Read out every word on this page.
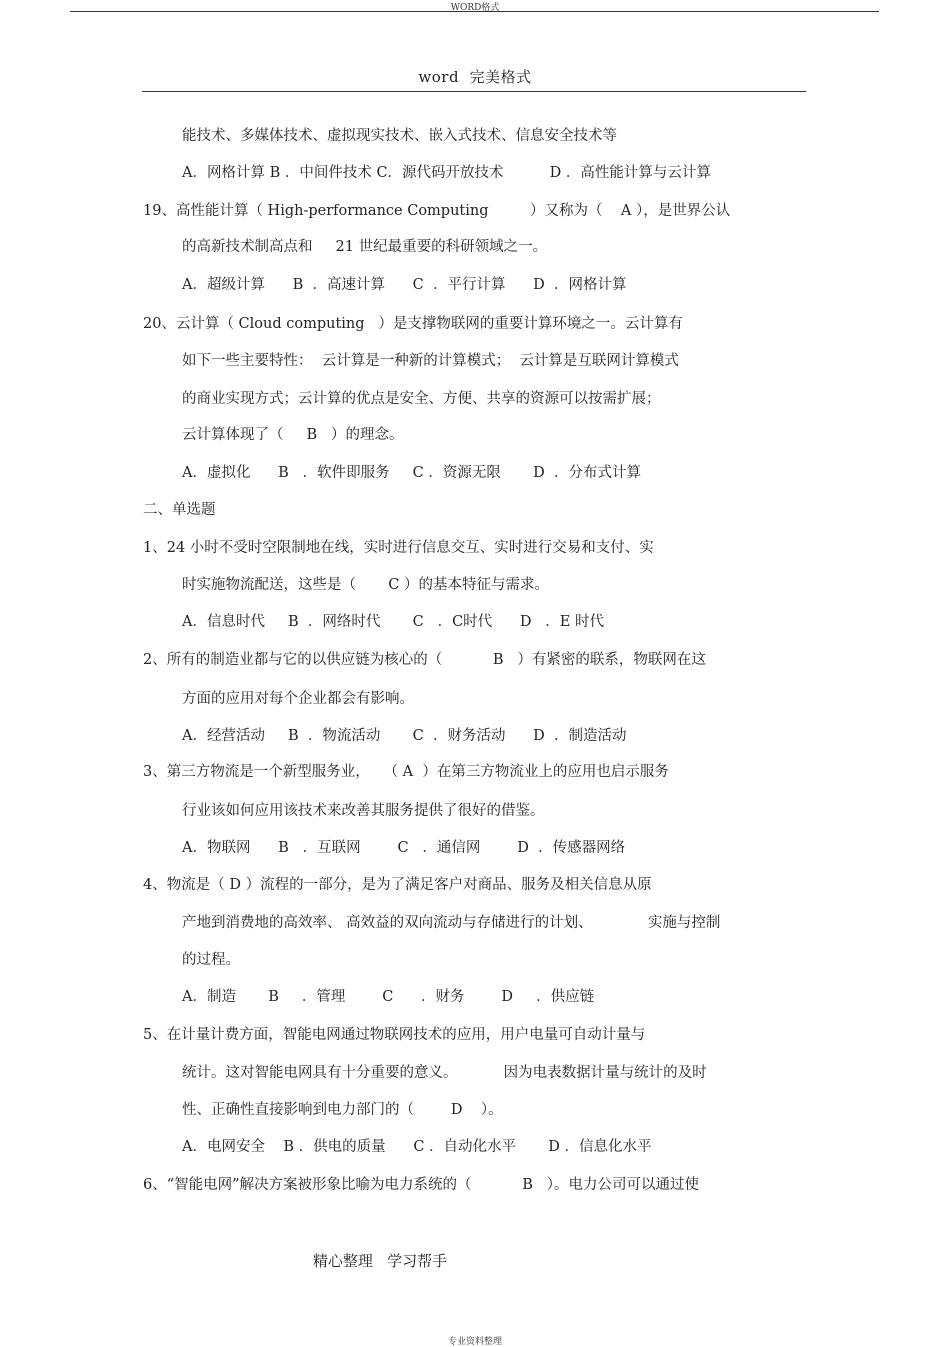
WORD格式
word  完美格式
能技术、多媒体技术、虚拟现实技术、嵌入式技术、信息安全技术等
A．网格计算 B ．中间件技术 C．源代码开放技术          D ．高性能计算与云计算
19、高性能计算（ High-performance Computing         ）又称为（    A ），是世界公认
的高新技术制高点和     21 世纪最重要的科研领域之一。
A．超级计算      B  ．高速计算      C  ．平行计算      D  ．网格计算
20、云计算（ Cloud computing   ）是支撑物联网的重要计算环境之一。云计算有
如下一些主要特性：  云计算是一种新的计算模式；  云计算是互联网计算模式
的商业实现方式；云计算的优点是安全、方便、共享的资源可以按需扩展；
云计算体现了（     B   ）的理念。
A．虚拟化      B   ．软件即服务     C ．资源无限       D  ．分布式计算
二、单选题
1、24 小时不受时空限制地在线，实时进行信息交互、实时进行交易和支付、实
时实施物流配送，这些是（       C ）的基本特征与需求。
A．信息时代     B  ．网络时代       C   ．C时代      D   ．E 时代
2、所有的制造业都与它的以供应链为核心的（           B   ）有紧密的联系，物联网在这
方面的应用对每个企业都会有影响。
A．经营活动     B  ．物流活动       C  ．财务活动      D  ．制造活动
3、第三方物流是一个新型服务业，   （ A  ）在第三方物流业上的应用也启示服务
行业该如何应用该技术来改善其服务提供了很好的借鉴。
A．物联网      B   ．互联网        C   ．通信网        D  ．传感器网络
4、物流是（ D ）流程的一部分，是为了满足客户对商品、服务及相关信息从原
产地到消费地的高效率、 高效益的双向流动与存储进行的计划、            实施与控制
的过程。
A．制造       B     ．管理        C      ．财务        D     ．供应链
5、在计量计费方面，智能电网通过物联网技术的应用，用户电量可自动计量与
统计。这对智能电网具有十分重要的意义。          因为电表数据计量与统计的及时
性、正确性直接影响到电力部门的（        D    ）。
A．电网安全    B ．供电的质量      C ．自动化水平       D ．信息化水平
6、“智能电网”解决方案被形象比喻为电力系统的（           B   ）。电力公司可以通过使
精心整理   学习帮手
专业资料整理
